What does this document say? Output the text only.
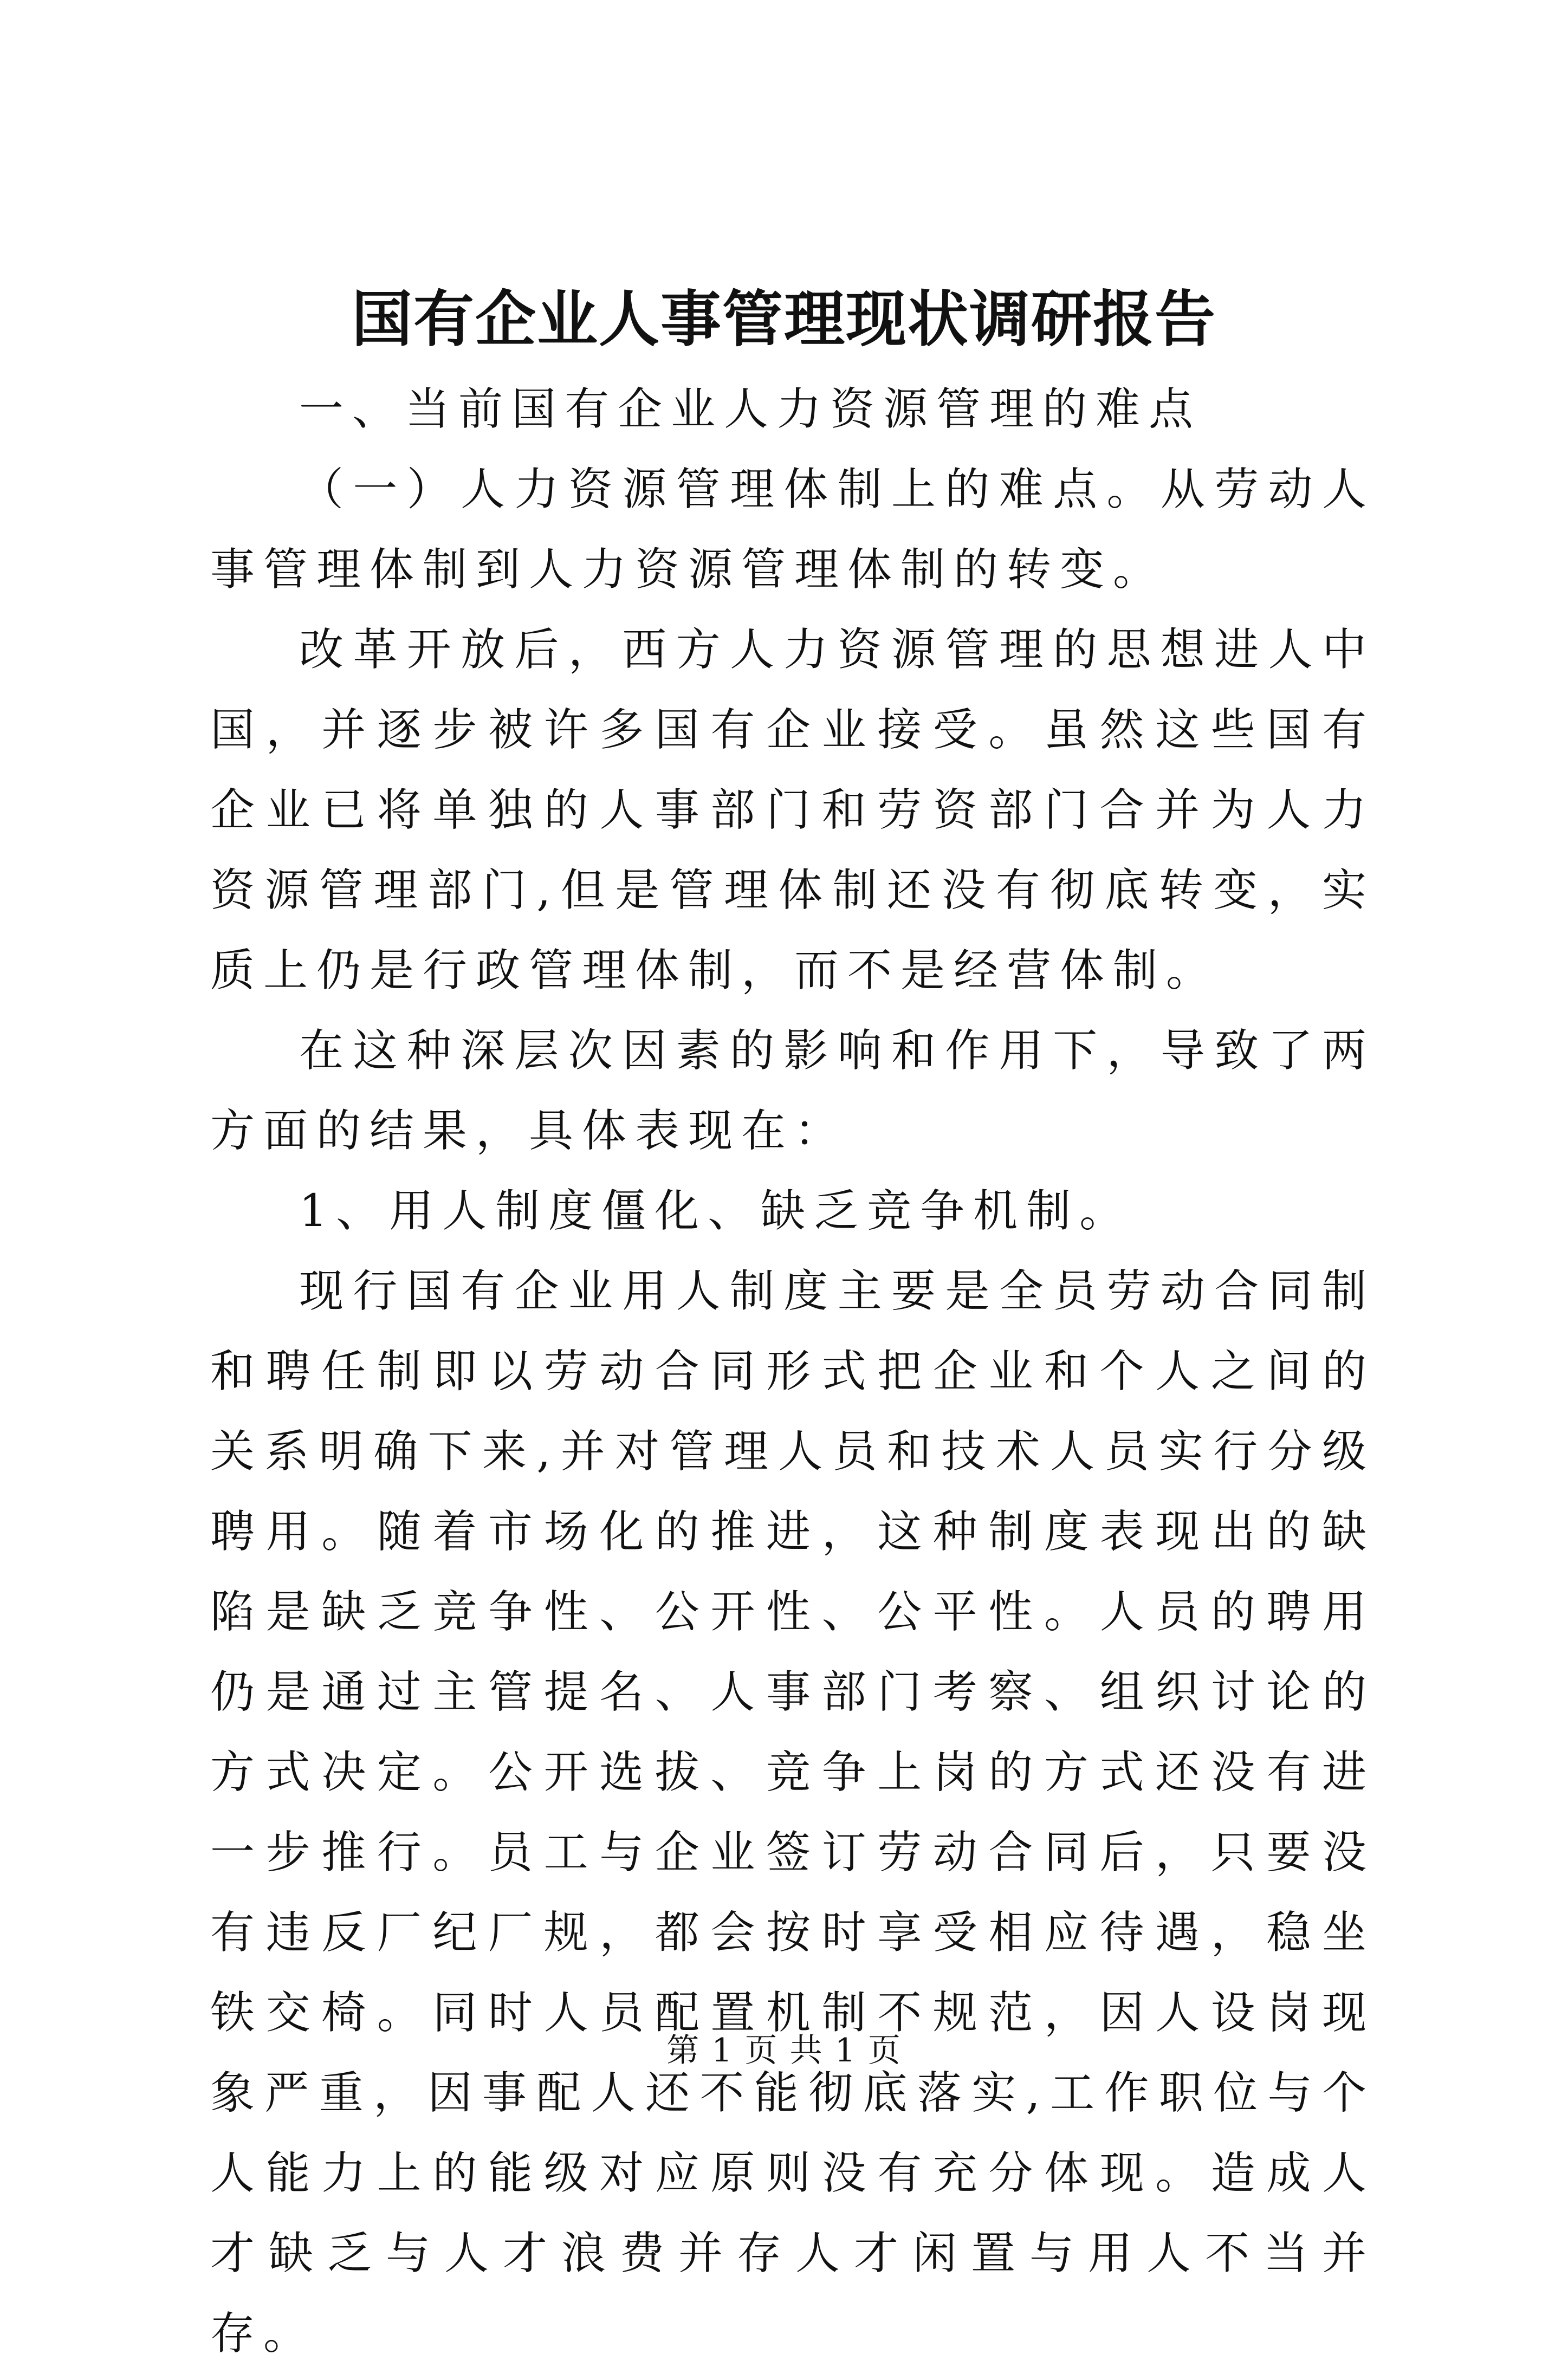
国有企业人事管理现状调研报告

一、当前国有企业人力资源管理的难点

（一）人力资源管理体制上的难点。从劳动人事管理体制到人力资源管理体制的转变。

改革开放后，西方人力资源管理的思想进人中国，并逐步被许多国有企业接受。虽然这些国有企业已将单独的人事部门和劳资部门合并为人力资源管理部门,但是管理体制还没有彻底转变，实质上仍是行政管理体制，而不是经营体制。

在这种深层次因素的影响和作用下，导致了两方面的结果，具体表现在：

1、用人制度僵化、缺乏竞争机制。

现行国有企业用人制度主要是全员劳动合同制和聘任制即以劳动合同形式把企业和个人之间的关系明确下来,并对管理人员和技术人员实行分级聘用。随着市场化的推进，这种制度表现出的缺陷是缺乏竞争性、公开性、公平性。人员的聘用仍是通过主管提名、人事部门考察、组织讨论的方式决定。公开选拔、竞争上岗的方式还没有进一步推行。员工与企业签订劳动合同后，只要没有违反厂纪厂规，都会按时享受相应待遇，稳坐铁交椅。同时人员配置机制不规范，因人设岗现象严重，因事配人还不能彻底落实,工作职位与个人能力上的能级对应原则没有充分体现。造成人才缺乏与人才浪费并存人才闲置与用人不当并存。

第 1 页 共 1 页
